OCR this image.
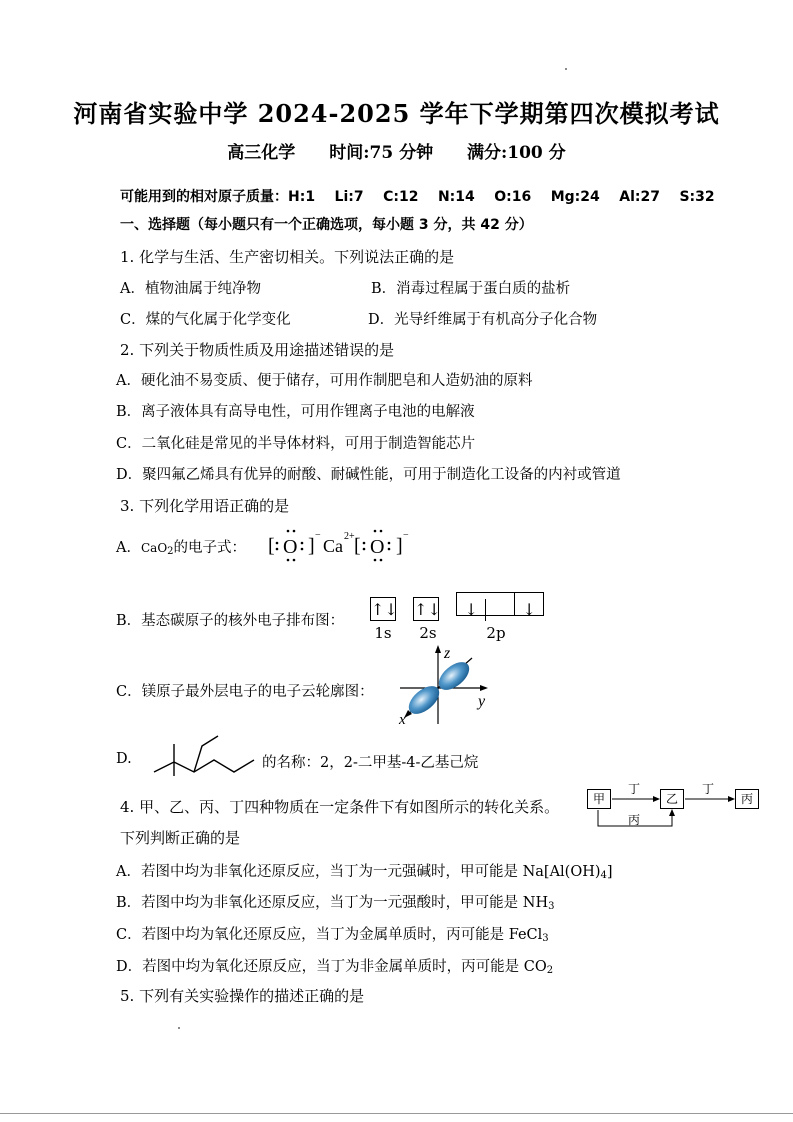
河南省实验中学 2024-2025 学年下学期第四次模拟考试
高三化学 时间:75 分钟 满分:100 分
可能用到的相对原子质量：H:1    Li:7    C:12    N:14    O:16    Mg:24    Al:27    S:32
一、选择题（每小题只有一个正确选项，每小题 3 分，共 42 分）
1. 化学与生活、生产密切相关。下列说法正确的是
A．植物油属于纯净物	B．消毒过程属于蛋白质的盐析
C．煤的气化属于化学变化	D．光导纤维属于有机高分子化合物
2. 下列关于物质性质及用途描述错误的是
A．硬化油不易变质、便于储存，可用作制肥皂和人造奶油的原料
B．离子液体具有高导电性，可用作锂离子电池的电解液
C．二氧化硅是常见的半导体材料，可用于制造智能芯片
D．聚四氟乙烯具有优异的耐酸、耐碱性能，可用于制造化工设备的内衬或管道
3. 下列化学用语正确的是
A．CaO$_2$的电子式： [ O ] [ O ]
−	−
Ca 2+
B．基态碳原子的核外电子排布图：
↑↓ ↑↓ ↓	↓
1s 2s	2p
C．镁原子最外层电子的电子云轮廓图：
z
y
x
D.	的名称：2，2-二甲基-4-乙基己烷
4. 甲、乙、丙、丁四种物质在一定条件下有如图所示的转化关系。
下列判断正确的是
甲	乙	丙
丁	丁
丙
A．若图中均为非氧化还原反应，当丁为一元强碱时，甲可能是 $Na[Al(OH)_4]$
B．若图中均为非氧化还原反应，当丁为一元强酸时，甲可能是 $NH_3$
C．若图中均为氧化还原反应，当丁为金属单质时，丙可能是 FeCl$_3$
D．若图中均为氧化还原反应，当丁为非金属单质时，丙可能是 $CO_2$
5. 下列有关实验操作的描述正确的是
